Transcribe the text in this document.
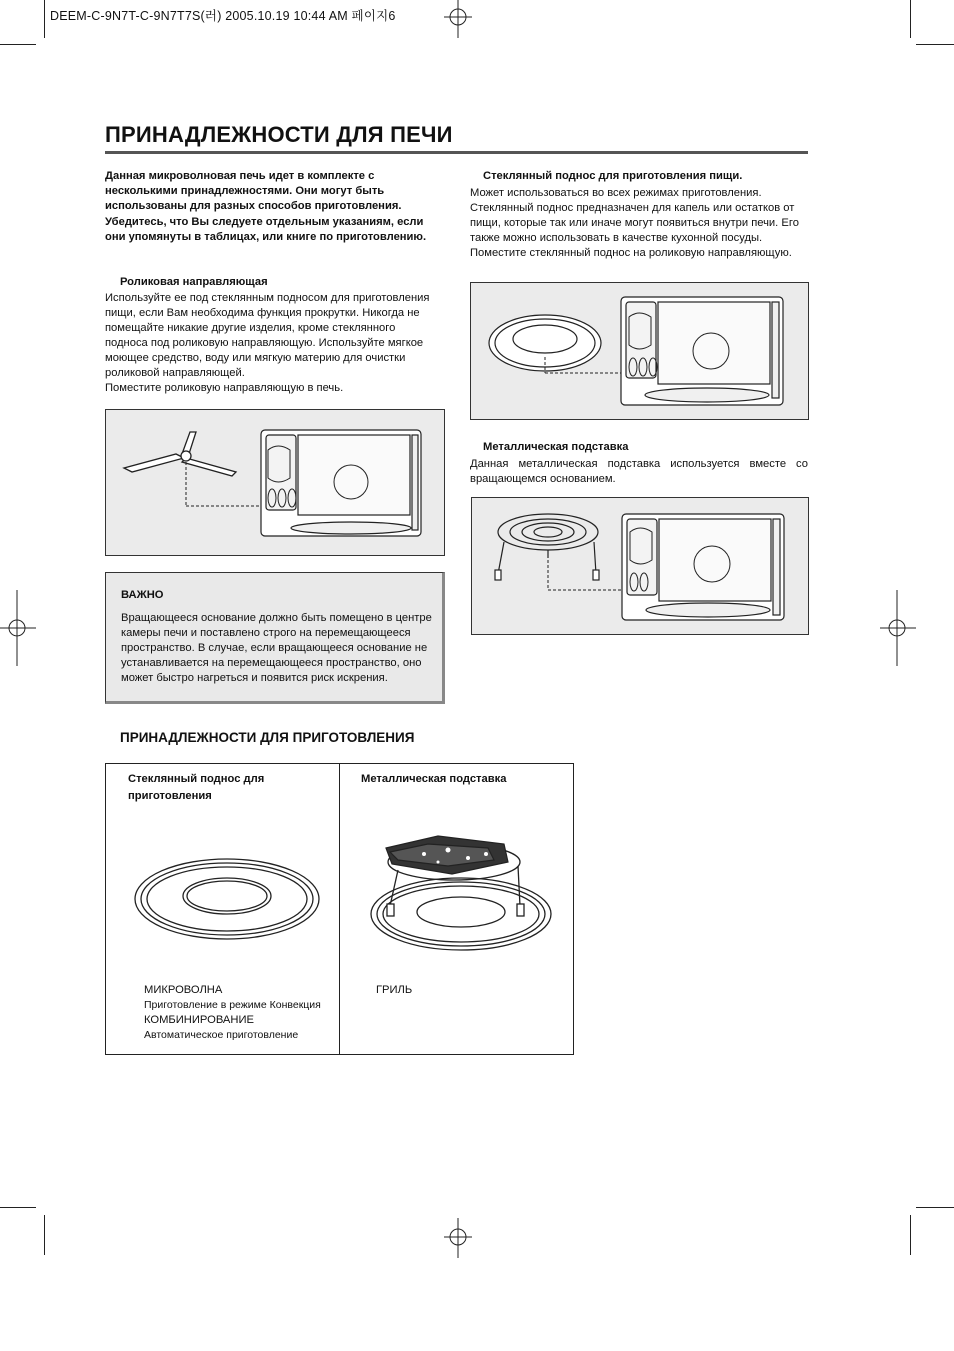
DEEM-C-9N7T-C-9N7T7S(러) 2005.10.19 10:44 AM 페이지6
ПРИНАДЛЕЖНОСТИ ДЛЯ ПЕЧИ
Данная микроволновая печь идет в комплекте с несколькими принадлежностями. Они могут быть использованы для разных способов приготовления. Убедитесь, что Вы следуете отдельным указаниям, если они упомянуты в таблицах, или книге по приготовлению.
Роликовая направляющая
Используйте ее под стеклянным подносом для приготовления пищи, если Вам необходима функция прокрутки. Никогда не помещайте никакие другие изделия, кроме стеклянного подноса под роликовую направляющую. Используйте мягкое моющее средство, воду или мягкую материю для очистки роликовой направляющей.
Поместите роликовую направляющую в печь.
ВАЖНО
Вращающееся основание должно быть помещено в центре камеры печи и поставлено строго на перемещающееся пространство. В случае, если вращающееся основание не устанавливается на перемещающееся пространство, оно может быстро нагреться и появится риск искрения.
Стеклянный поднос для приготовления пищи.
Может использоваться во всех режимах приготовления. Стеклянный поднос предназначен для капель или остатков от пищи, которые так или иначе могут появиться внутри печи. Его также можно использовать в качестве кухонной посуды. Поместите стеклянный поднос на роликовую направляющую.
Металлическая подставка
Данная металлическая подставка используется вместе со вращающемся основанием.
ПРИНАДЛЕЖНОСТИ ДЛЯ ПРИГОТОВЛЕНИЯ
Стеклянный поднос для приготовления
Металлическая подставка
МИКРОВОЛНА
Приготовление в режиме Конвекция
КОМБИНИРОВАНИЕ
Автоматическое приготовление
ГРИЛЬ
